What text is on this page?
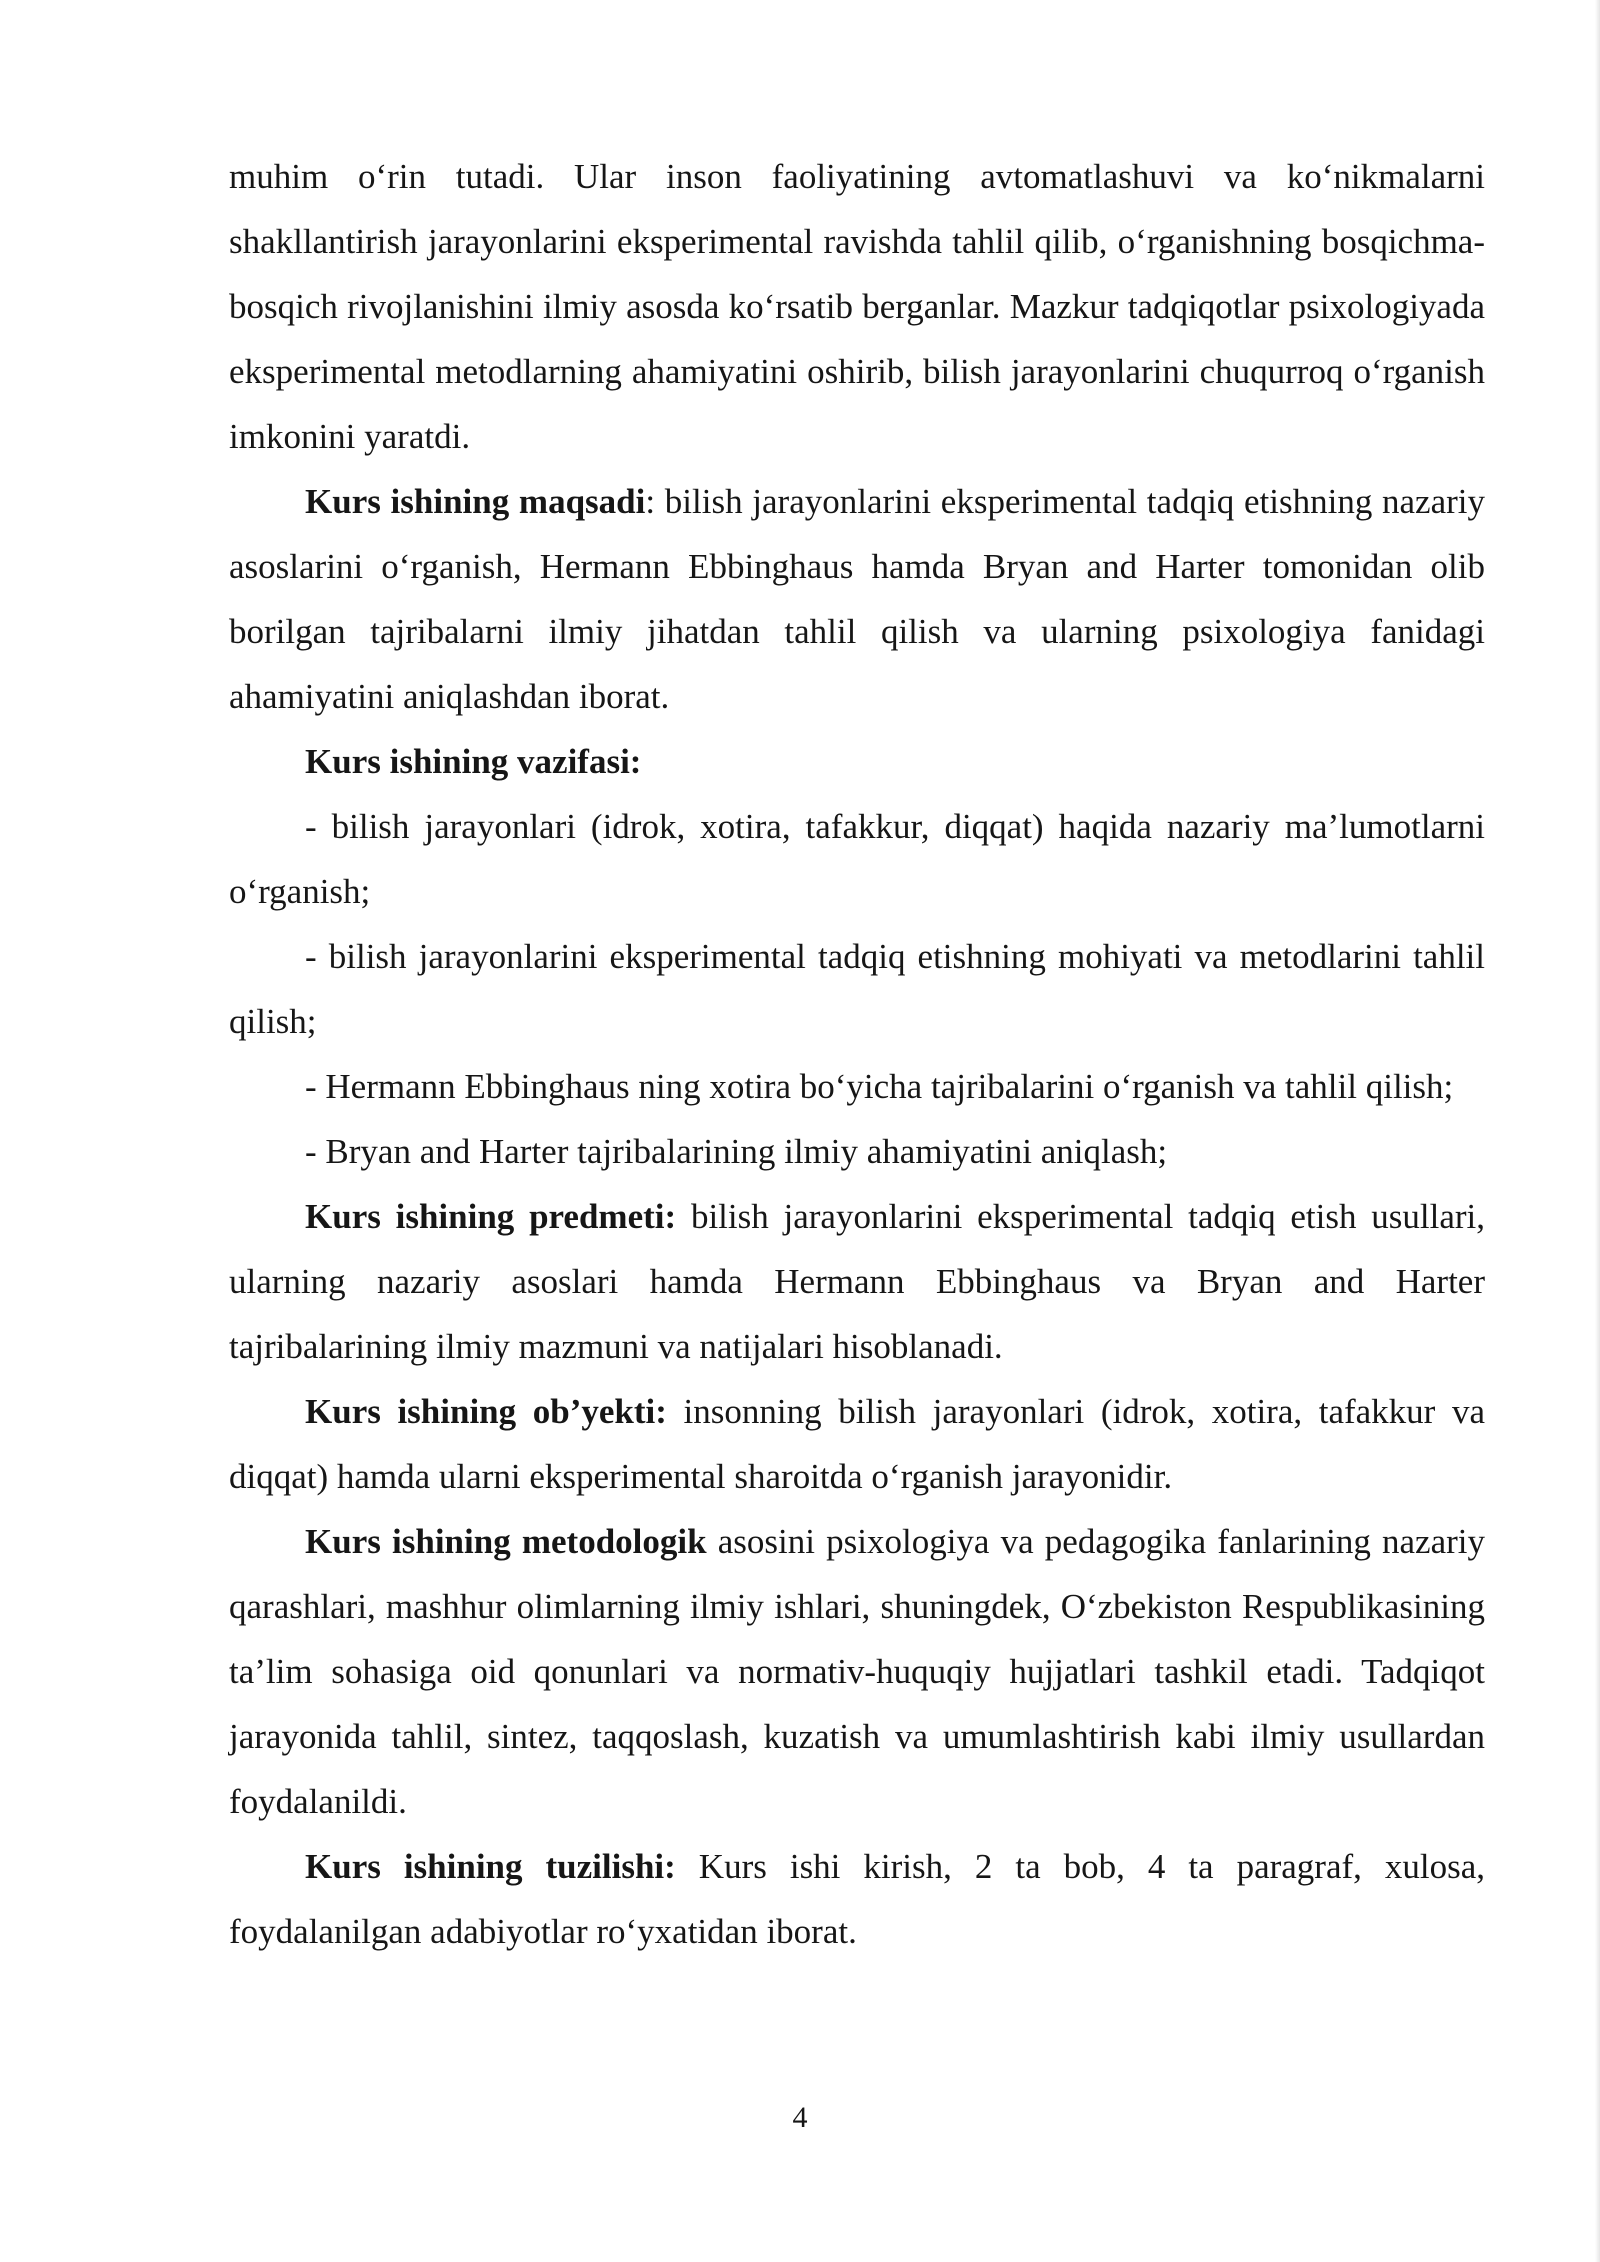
muhim o‘rin tutadi. Ular inson faoliyatining avtomatlashuvi va ko‘nikmalarni shakllantirish jarayonlarini eksperimental ravishda tahlil qilib, o‘rganishning bosqichma-bosqich rivojlanishini ilmiy asosda ko‘rsatib berganlar. Mazkur tadqiqotlar psixologiyada eksperimental metodlarning ahamiyatini oshirib, bilish jarayonlarini chuqurroq o‘rganish imkonini yaratdi.

Kurs ishining maqsadi: bilish jarayonlarini eksperimental tadqiq etishning nazariy asoslarini o‘rganish, Hermann Ebbinghaus hamda Bryan and Harter tomonidan olib borilgan tajribalarni ilmiy jihatdan tahlil qilish va ularning psixologiya fanidagi ahamiyatini aniqlashdan iborat.

Kurs ishining vazifasi:

- bilish jarayonlari (idrok, xotira, tafakkur, diqqat) haqida nazariy ma’lumotlarni o‘rganish;

- bilish jarayonlarini eksperimental tadqiq etishning mohiyati va metodlarini tahlil qilish;

- Hermann Ebbinghaus ning xotira bo‘yicha tajribalarini o‘rganish va tahlil qilish;

- Bryan and Harter tajribalarining ilmiy ahamiyatini aniqlash;

Kurs ishining predmeti: bilish jarayonlarini eksperimental tadqiq etish usullari, ularning nazariy asoslari hamda Hermann Ebbinghaus va Bryan and Harter tajribalarining ilmiy mazmuni va natijalari hisoblanadi.

Kurs ishining ob’yekti: insonning bilish jarayonlari (idrok, xotira, tafakkur va diqqat) hamda ularni eksperimental sharoitda o‘rganish jarayonidir.

Kurs ishining metodologik asosini psixologiya va pedagogika fanlarining nazariy qarashlari, mashhur olimlarning ilmiy ishlari, shuningdek, O‘zbekiston Respublikasining ta’lim sohasiga oid qonunlari va normativ-huquqiy hujjatlari tashkil etadi. Tadqiqot jarayonida tahlil, sintez, taqqoslash, kuzatish va umumlashtirish kabi ilmiy usullardan foydalanildi.

Kurs ishining tuzilishi: Kurs ishi kirish, 2 ta bob, 4 ta paragraf, xulosa, foydalanilgan adabiyotlar ro‘yxatidan iborat.

4
